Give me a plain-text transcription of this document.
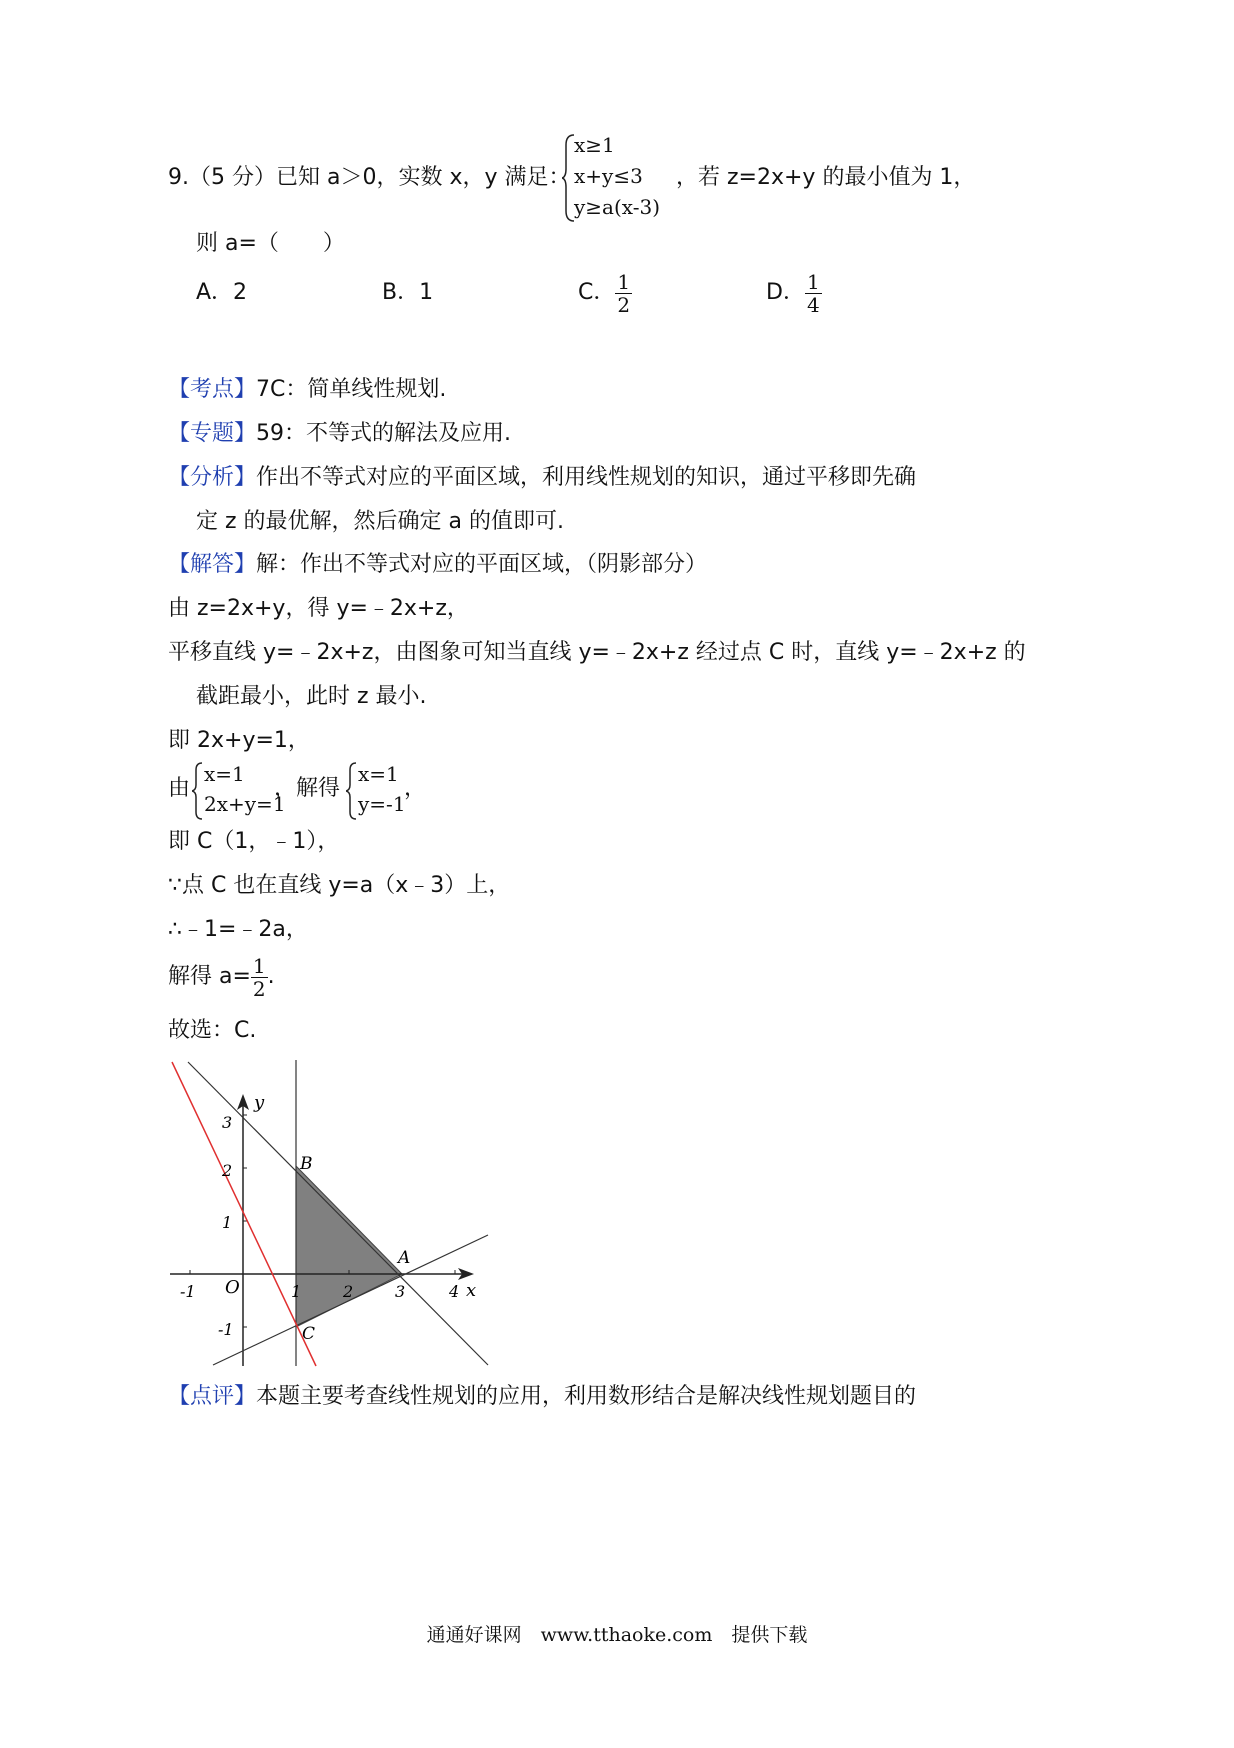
9.（5 分）已知 a＞0，实数 x，y 满足：
x≥1
x+y≤3
y≥a(x-3)
，若 z=2x+y 的最小值为 1，
则 a=（　　）
A．2	B．1	C． $\frac{1}{2}$	D． $\frac{1}{4}$
【考点】7C：简单线性规划.
【专题】59：不等式的解法及应用.
【分析】作出不等式对应的平面区域，利用线性规划的知识，通过平移即先确
定 z 的最优解，然后确定 a 的值即可.
【解答】解：作出不等式对应的平面区域，（阴影部分）
由 z=2x+y，得 y=﹣2x+z，
平移直线 y=﹣2x+z，由图象可知当直线 y=﹣2x+z 经过点 C 时，直线 y=﹣2x+z 的
截距最小，此时 z 最小.
即 2x+y=1，
由
x=1
2x+y=1
，解得
x=1
y=-1
，
即 C（1，﹣1），
∵点 C 也在直线 y=a（x﹣3）上，
∴﹣1=﹣2a，
解得 $a= \frac{1}{2}$ .
故选：C.
x
y
O
-1	1	2	3	4
3
2
1
-1
A
B
C
【点评】本题主要考查线性规划的应用，利用数形结合是解决线性规划题目的
通通好课网　www.tthaoke.com　提供下载
